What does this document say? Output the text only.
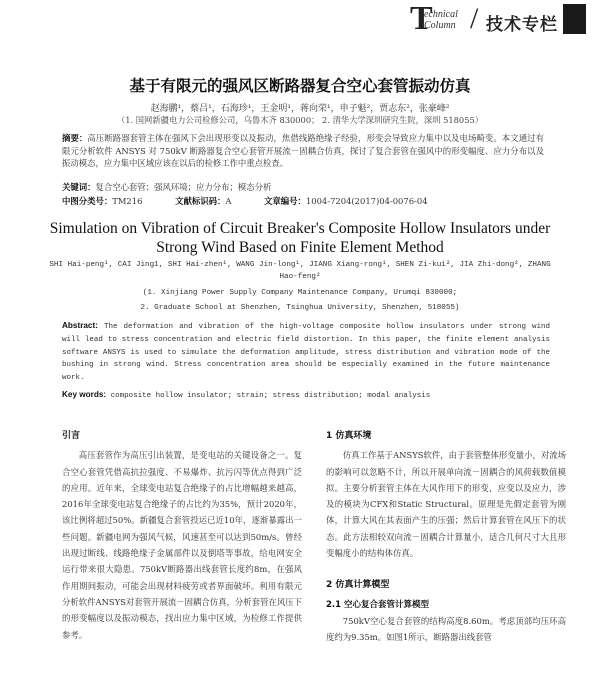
T
echnical
Column / 技术专栏
基于有限元的强风区断路器复合空心套管振动仿真
赵海鹏¹，蔡吕¹，石海珍¹，王金明¹，蒋向荣¹，申子魁²，贾志东²，张豪峰²
（1. 国网新疆电力公司检修公司，乌鲁木齐 830000； 2. 清华大学深圳研究生院，深圳 518055）
摘要：高压断路器套管主体在强风下会出现形变以及振动，焦借线路绝缘子经验，形变会导致应力集中以及电场畸变。本文通过有限元分析软件 ANSYS 对 750kV 断路器复合空心套管开展流－固耦合仿真，探讨了复合套管在强风中的形变幅度、应力分布以及振动模态，应力集中区域应该在以后的检修工作中重点检查。
关键词：复合空心套管；强风环境；应力分布；模态分析
中图分类号：TM216	文献标识码：A	文章编号：1004-7204(2017)04-0076-04
Simulation on Vibration of Circuit Breaker's Composite Hollow Insulators under Strong Wind Based on Finite Element Method
SHI Hai-peng¹, CAI Jing1, SHI Hai-zhen¹, WANG Jin-long¹, JIANG Xiang-rong¹, SHEN Zi-kui², JIA Zhi-dong², ZHANG Hao-feng²
(1. Xinjiang Power Supply Company Maintenance Company, Urumqi 830000;
2. Graduate School at Shenzhen, Tsinghua University, Shenzhen, 518055)
Abstract: The deformation and vibration of the high-voltage composite hollow insulators under strong wind will lead to stress concentration and electric field distortion. In this paper, the finite element analysis software ANSYS is used to simulate the deformation amplitude, stress distribution and vibration mode of the bushing in strong wind. Stress concentration area should be especially examined in the future maintenance work.
Key words: composite hollow insulator; strain; stress distribution; modal analysis
引言
高压套管作为高压引出装置，是变电站的关键设备之一。复合空心套管凭借高抗拉强度、不易爆炸、抗污闪等优点得到广泛的应用。近年来，全球变电站复合绝缘子的占比增幅越来越高，2016年全球变电站复合绝缘子的占比约为35%，预计2020年，该比例将超过50%。新疆复合套管投运已近10年，逐渐暴露出一些问题。新疆电网为强风气候，风速甚至可以达到50m/s。曾经出现过断线、线路绝缘子金属部件以及倒塔等事故，给电网安全运行带来很大隐患。750kV断路器出线套管长度约8m，在强风作用期间振动，可能会出现材料疲劳或者界面破坏。利用有限元分析软件ANSYS对套管开展流－固耦合仿真，分析套管在风压下的形变幅度以及振动模态，找出应力集中区域，为检修工作提供参考。
1 仿真环境
仿真工作基于ANSYS软件，由于套管整体形变量小，对流场的影响可以忽略不计，所以开展单向流－固耦合的风荷载数值模拟。主要分析套管主体在大风作用下的形变，应变以及应力，涉及的模块为CFX和Static Structural。原理是先假定套管为刚体，计算大风在其表面产生的压强；然后计算套管在风压下的状态。此方法相较双向流－固耦合计算量小，适合几何尺寸大且形变幅度小的结构体仿真。
2 仿真计算模型
2.1 空心复合套管计算模型
750kV空心复合套管的结构高度8.60m。考虑顶部均压环高度约为9.35m。如图1所示，断路器出线套管
